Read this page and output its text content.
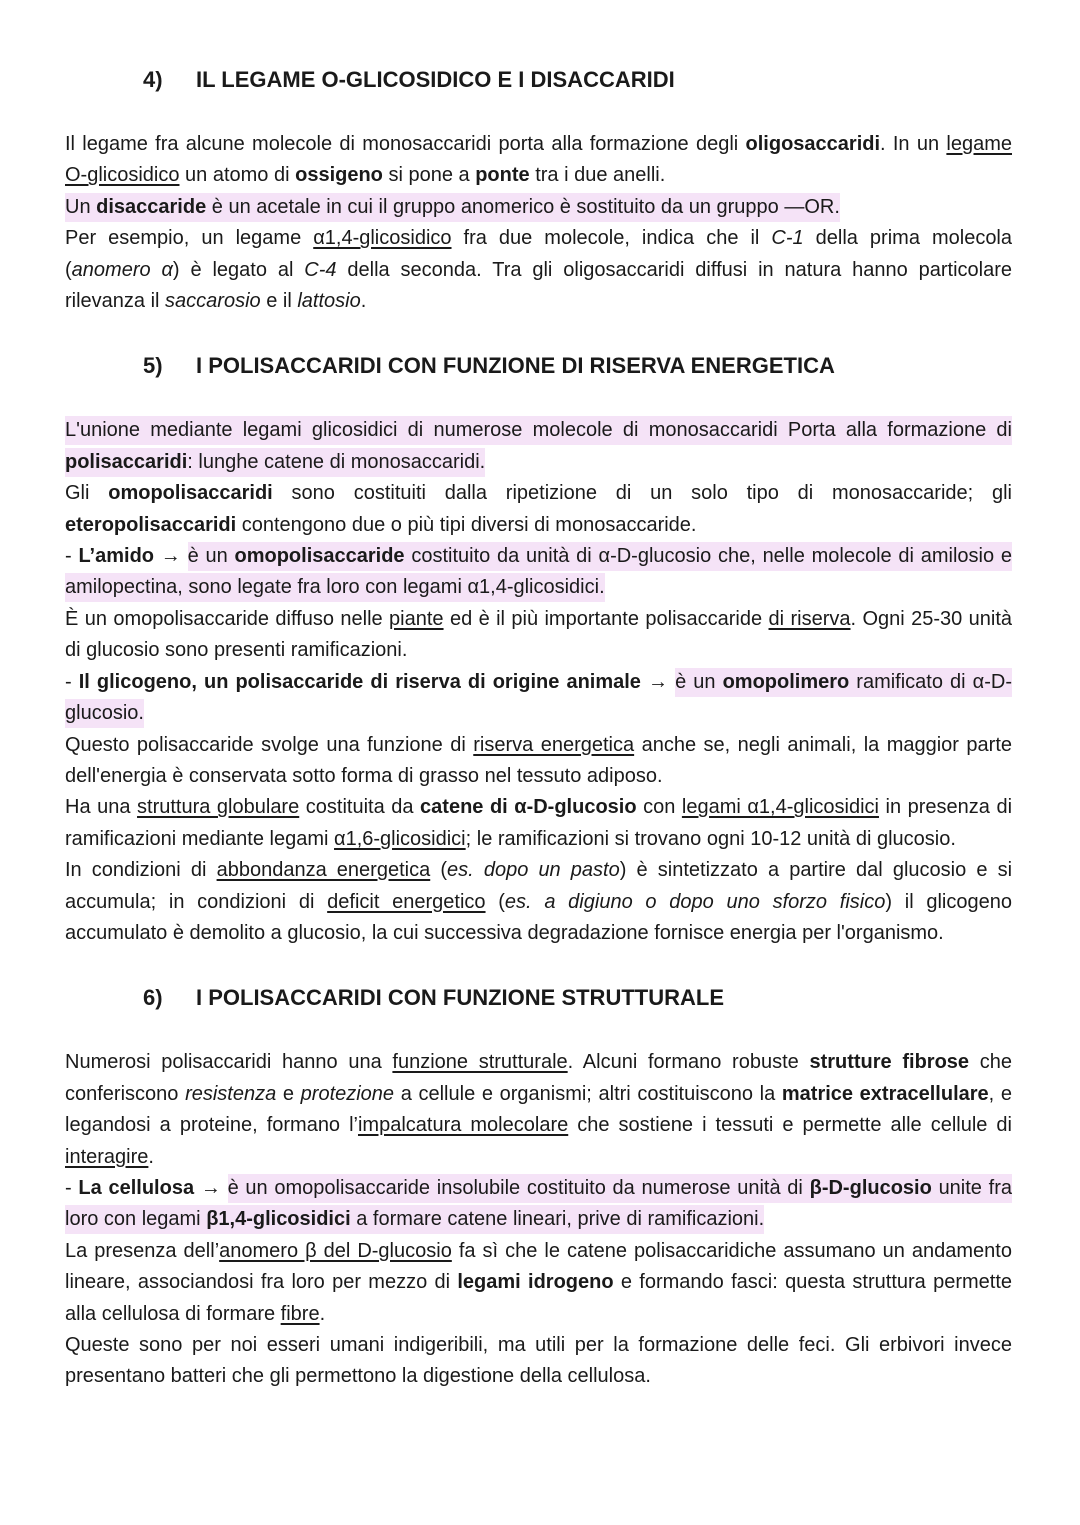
4)	IL LEGAME O-GLICOSIDICO E I DISACCARIDI

Il legame fra alcune molecole di monosaccaridi porta alla formazione degli oligosaccaridi. In un legame O-glicosidico un atomo di ossigeno si pone a ponte tra i due anelli.

Un disaccaride è un acetale in cui il gruppo anomerico è sostituito da un gruppo —OR.

Per esempio, un legame α1,4-glicosidico fra due molecole, indica che il C-1 della prima molecola (anomero α) è legato al C-4 della seconda. Tra gli oligosaccaridi diffusi in natura hanno particolare rilevanza il saccarosio e il lattosio.

5)	I POLISACCARIDI CON FUNZIONE DI RISERVA ENERGETICA

L'unione mediante legami glicosidici di numerose molecole di monosaccaridi Porta alla formazione di polisaccaridi: lunghe catene di monosaccaridi.

Gli omopolisaccaridi sono costituiti dalla ripetizione di un solo tipo di monosaccaride; gli eteropolisaccaridi contengono due o più tipi diversi di monosaccaride.

- L’amido → è un omopolisaccaride costituito da unità di α-D-glucosio che, nelle molecole di amilosio e amilopectina, sono legate fra loro con legami α1,4-glicosidici.

È un omopolisaccaride diffuso nelle piante ed è il più importante polisaccaride di riserva. Ogni 25-30 unità di glucosio sono presenti ramificazioni.

- Il glicogeno, un polisaccaride di riserva di origine animale → è un omopolimero ramificato di α-D-glucosio.

Questo polisaccaride svolge una funzione di riserva energetica anche se, negli animali, la maggior parte dell'energia è conservata sotto forma di grasso nel tessuto adiposo.

Ha una struttura globulare costituita da catene di α-D-glucosio con legami α1,4-glicosidici in presenza di ramificazioni mediante legami α1,6-glicosidici; le ramificazioni si trovano ogni 10-12 unità di glucosio.

In condizioni di abbondanza energetica (es. dopo un pasto) è sintetizzato a partire dal glucosio e si accumula; in condizioni di deficit energetico (es. a digiuno o dopo uno sforzo fisico) il glicogeno accumulato è demolito a glucosio, la cui successiva degradazione fornisce energia per l'organismo.

6)	I POLISACCARIDI CON FUNZIONE STRUTTURALE

Numerosi polisaccaridi hanno una funzione strutturale. Alcuni formano robuste strutture fibrose che conferiscono resistenza e protezione a cellule e organismi; altri costituiscono la matrice extracellulare, e legandosi a proteine, formano l’impalcatura molecolare che sostiene i tessuti e permette alle cellule di interagire.

- La cellulosa → è un omopolisaccaride insolubile costituito da numerose unità di β-D-glucosio unite fra loro con legami β1,4-glicosidici a formare catene lineari, prive di ramificazioni.

La presenza dell’anomero β del D-glucosio fa sì che le catene polisaccaridiche assumano un andamento lineare, associandosi fra loro per mezzo di legami idrogeno e formando fasci: questa struttura permette alla cellulosa di formare fibre.

Queste sono per noi esseri umani indigeribili, ma utili per la formazione delle feci. Gli erbivori invece presentano batteri che gli permettono la digestione della cellulosa.
